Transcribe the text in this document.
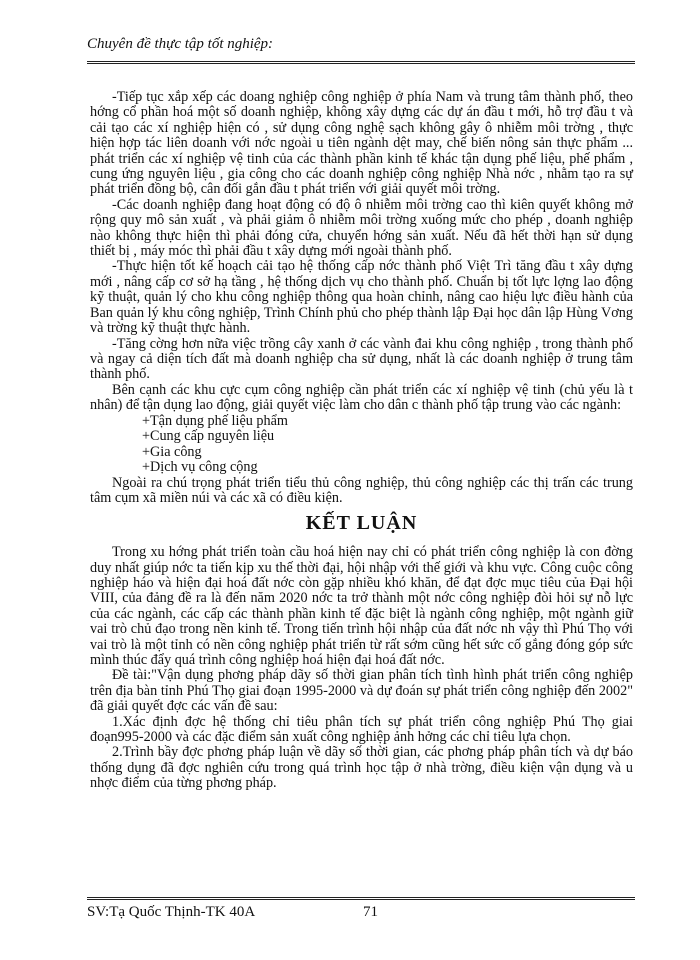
Chuyên đề thực tập tốt nghiệp:

-Tiếp tục xắp xếp các doang nghiệp công nghiệp ở phía Nam và trung tâm thành phố, theo hớng cổ phần hoá một số doanh nghiệp, không xây dựng các dự án đầu t mới, hỗ trợ đầu t và cải tạo các xí nghiệp hiện có , sử dụng công nghệ sạch không gây ô nhiễm môi trờng , thực hiện hợp tác liên doanh với nớc ngoài u tiên ngành dệt may, chế biến nông sản thực phẩm ... phát triển các xí nghiệp vệ tinh của các thành phần kinh tế khác tận dụng phế liệu, phế phẩm , cung ứng nguyên liệu , gia công cho các doanh nghiệp công nghiệp Nhà nớc , nhằm tạo ra sự phát triển đồng bộ, cân đối gắn đầu t phát triển với giải quyết môi trờng.

-Các doanh nghiệp đang hoạt động có độ ô nhiễm môi trờng cao thì kiên quyết không mở rộng quy mô sản xuất , và phải giảm ô nhiễm môi trờng xuống mức cho phép , doanh nghiệp nào không thực hiện thì phải đóng cửa, chuyển hớng sản xuất. Nếu đã hết thời hạn sử dụng thiết bị , máy móc thì phải đầu t xây dựng mới ngoài thành phố.

-Thực hiện tốt kế hoạch cải tạo hệ thống cấp nớc thành phố Việt Trì tăng đầu t xây dựng mới , nâng cấp cơ sở hạ tầng , hệ thống dịch vụ cho thành phố. Chuẩn bị tốt lực lợng lao động kỹ thuật, quản lý cho khu công nghiệp thông qua hoàn chỉnh, nâng cao hiệu lực điều hành của Ban quản lý khu công nghiệp, Trình Chính phủ cho phép thành lập Đại học dân lập Hùng Vơng và trờng kỹ thuật thực hành.

-Tăng cờng hơn nữa việc trồng cây xanh ở các vành đai khu công nghiệp , trong thành phố và ngay cả diện tích đất mà doanh nghiệp cha sử dụng, nhất là các doanh nghiệp ở trung tâm thành phố.

Bên cạnh các khu cực cụm công nghiệp cần phát triển các xí nghiệp vệ tinh (chủ yếu là t nhân) để tận dụng lao động, giải quyết việc làm cho dân c thành phố tập trung vào các ngành:

+Tận dụng phế liệu phẩm
+Cung cấp nguyên liệu
+Gia công
+Dịch vụ công cộng

Ngoài ra chú trọng phát triển tiểu thủ công nghiệp, thủ công nghiệp các thị trấn các trung tâm cụm xã miền núi và các xã có điều kiện.

KẾT LUẬN

Trong xu hớng phát triển toàn cầu hoá hiện nay chỉ có phát triển công nghiệp là con đờng duy nhất giúp nớc ta tiến kịp xu thế thời đại, hội nhập với thế giới và khu vực. Công cuộc công nghiệp háo và hiện đại hoá đất nớc còn gặp nhiều khó khăn, để đạt đợc mục tiêu của Đại hội VIII, của đảng đề ra là đến năm 2020 nớc ta trở thành một nớc công nghiệp đòi hỏi sự nỗ lực của các ngành, các cấp các thành phần kinh tế đặc biệt là ngành công nghiệp, một ngành giữ vai trò chủ đạo trong nền kinh tế. Trong tiến trình hội nhập của đất nớc nh vậy thì Phú Thọ với vai trò là một tỉnh có nền công nghiệp phát triển từ rất sớm cũng hết sức cố gắng đóng góp sức mình thúc đẩy quá trình công nghiệp hoá hiện đại hoá đất nớc.

Đề tài:"Vận dụng phơng pháp dãy số thời gian phân tích tình hình phát triển công nghiệp trên địa bàn tỉnh Phú Thọ giai đoạn 1995-2000 và dự đoán sự phát triển công nghiệp đến 2002" đã giải quyết đợc các vấn đề sau:

1.Xác định đợc hệ thống chỉ tiêu phân tích sự phát triển công nghiệp Phú Thọ giai đoạn995-2000 và các đặc điểm sản xuất công nghiệp ảnh hởng các chỉ tiêu lựa chọn.

2.Trình bầy đợc phơng pháp luận về dãy số thời gian, các phơng pháp phân tích và dự báo thống dụng đã đợc nghiên cứu trong quá trình học tập ở nhà trờng, điều kiện vận dụng và u nhợc điểm của từng phơng pháp.

SV:Tạ Quốc Thịnh-TK 40A	71
